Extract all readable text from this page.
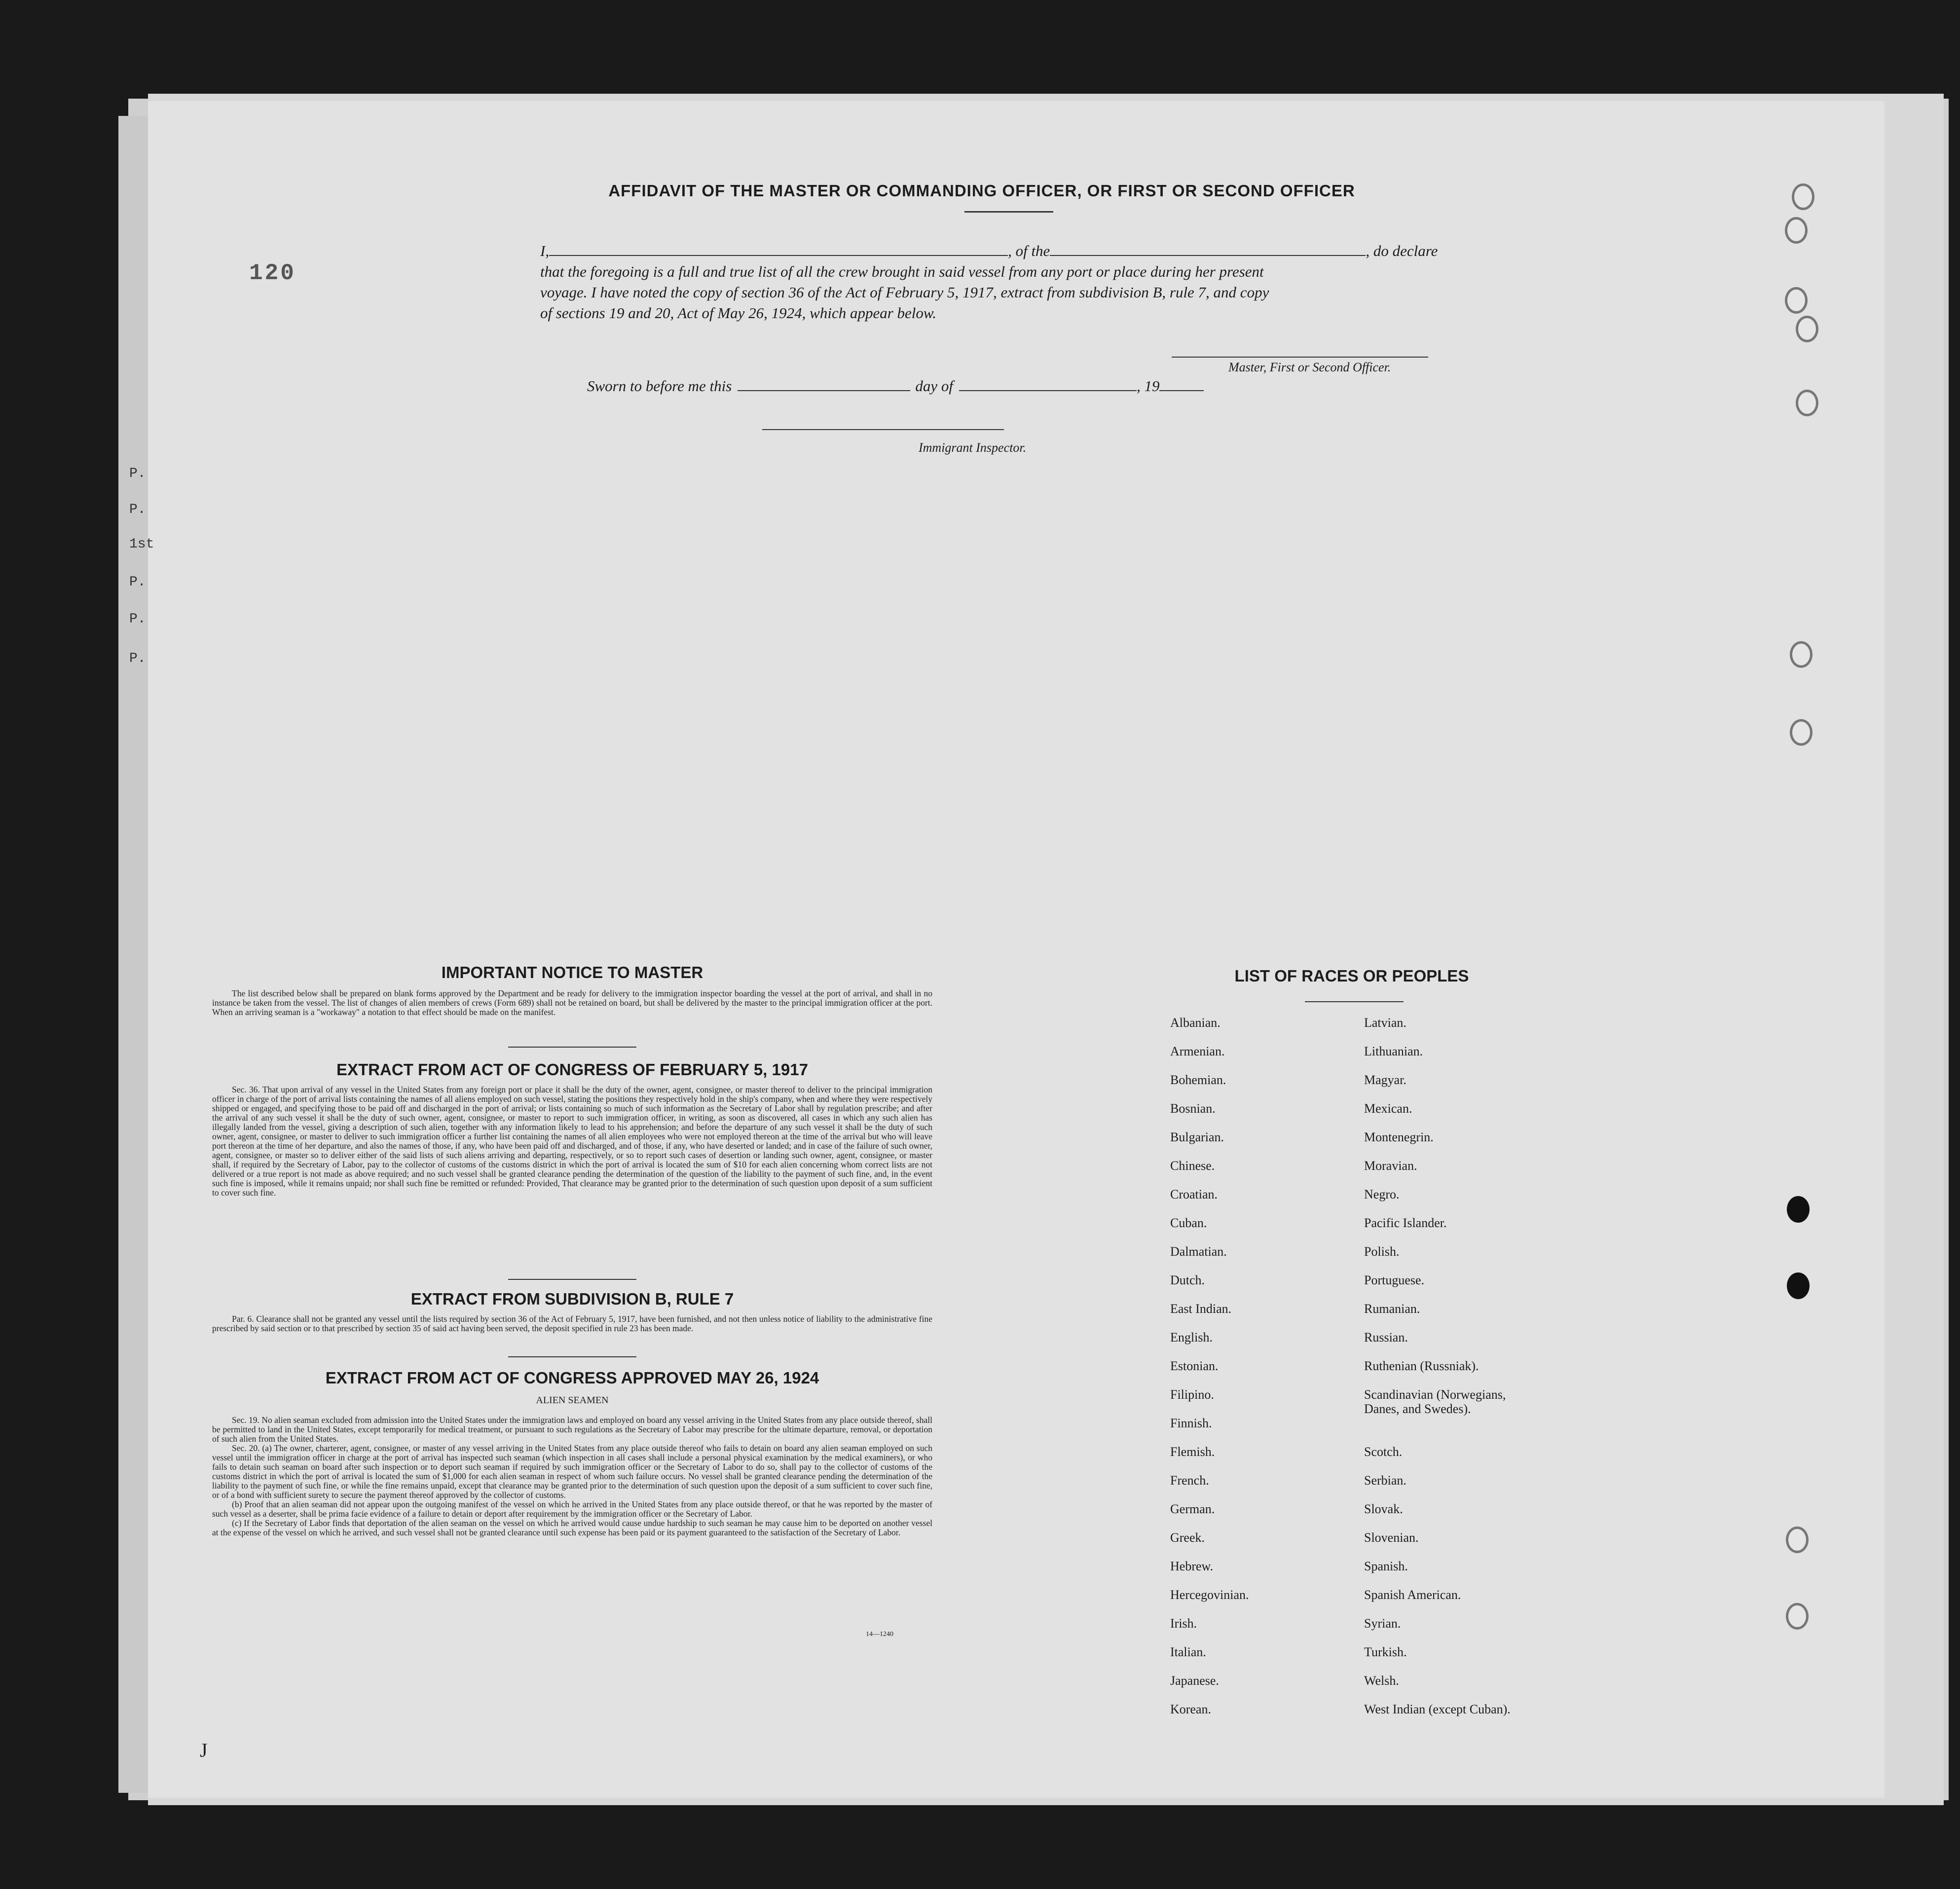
P.
P.
1st
P.
P.
P.
120
AFFIDAVIT OF THE MASTER OR COMMANDING OFFICER, OR FIRST OR SECOND OFFICER
I,	, of the	, do declare
that the foregoing is a full and true list of all the crew brought in said vessel from any port or place during her present
voyage. I have noted the copy of section 36 of the Act of February 5, 1917, extract from subdivision B, rule 7, and copy
of sections 19 and 20, Act of May 26, 1924, which appear below.
Master, First or Second Officer.
Sworn to before me this	day of	, 19
Immigrant Inspector.
IMPORTANT NOTICE TO MASTER

The list described below shall be prepared on blank forms approved by the Department and be ready for delivery to the immigration inspector boarding the vessel at the port of arrival, and shall in no instance be taken from the vessel. The list of changes of alien members of crews (Form 689) shall not be retained on board, but shall be delivered by the master to the principal immigration officer at the port. When an arriving seaman is a "workaway" a notation to that effect should be made on the manifest.

EXTRACT FROM ACT OF CONGRESS OF FEBRUARY 5, 1917

Sec. 36. That upon arrival of any vessel in the United States from any foreign port or place it shall be the duty of the owner, agent, consignee, or master thereof to deliver to the principal immigration officer in charge of the port of arrival lists containing the names of all aliens employed on such vessel, stating the positions they respectively hold in the ship's company, when and where they were respectively shipped or engaged, and specifying those to be paid off and discharged in the port of arrival; or lists containing so much of such information as the Secretary of Labor shall by regulation prescribe; and after the arrival of any such vessel it shall be the duty of such owner, agent, consignee, or master to report to such immigration officer, in writing, as soon as discovered, all cases in which any such alien has illegally landed from the vessel, giving a description of such alien, together with any information likely to lead to his apprehension; and before the departure of any such vessel it shall be the duty of such owner, agent, consignee, or master to deliver to such immigration officer a further list containing the names of all alien employees who were not employed thereon at the time of the arrival but who will leave port thereon at the time of her departure, and also the names of those, if any, who have been paid off and discharged, and of those, if any, who have deserted or landed; and in case of the failure of such owner, agent, consignee, or master so to deliver either of the said lists of such aliens arriving and departing, respectively, or so to report such cases of desertion or landing such owner, agent, consignee, or master shall, if required by the Secretary of Labor, pay to the collector of customs of the customs district in which the port of arrival is located the sum of $10 for each alien concerning whom correct lists are not delivered or a true report is not made as above required; and no such vessel shall be granted clearance pending the determination of the question of the liability to the payment of such fine, and, in the event such fine is imposed, while it remains unpaid; nor shall such fine be remitted or refunded: Provided, That clearance may be granted prior to the determination of such question upon deposit of a sum sufficient to cover such fine.

EXTRACT FROM SUBDIVISION B, RULE 7

Par. 6. Clearance shall not be granted any vessel until the lists required by section 36 of the Act of February 5, 1917, have been furnished, and not then unless notice of liability to the administrative fine prescribed by said section or to that prescribed by section 35 of said act having been served, the deposit specified in rule 23 has been made.

EXTRACT FROM ACT OF CONGRESS APPROVED MAY 26, 1924
ALIEN SEAMEN

Sec. 19. No alien seaman excluded from admission into the United States under the immigration laws and employed on board any vessel arriving in the United States from any place outside thereof, shall be permitted to land in the United States, except temporarily for medical treatment, or pursuant to such regulations as the Secretary of Labor may prescribe for the ultimate departure, removal, or deportation of such alien from the United States.

Sec. 20. (a) The owner, charterer, agent, consignee, or master of any vessel arriving in the United States from any place outside thereof who fails to detain on board any alien seaman employed on such vessel until the immigration officer in charge at the port of arrival has inspected such seaman (which inspection in all cases shall include a personal physical examination by the medical examiners), or who fails to detain such seaman on board after such inspection or to deport such seaman if required by such immigration officer or the Secretary of Labor to do so, shall pay to the collector of customs of the customs district in which the port of arrival is located the sum of $1,000 for each alien seaman in respect of whom such failure occurs. No vessel shall be granted clearance pending the determination of the liability to the payment of such fine, or while the fine remains unpaid, except that clearance may be granted prior to the determination of such question upon the deposit of a sum sufficient to cover such fine, or of a bond with sufficient surety to secure the payment thereof approved by the collector of customs.

(b) Proof that an alien seaman did not appear upon the outgoing manifest of the vessel on which he arrived in the United States from any place outside thereof, or that he was reported by the master of such vessel as a deserter, shall be prima facie evidence of a failure to detain or deport after requirement by the immigration officer or the Secretary of Labor.

(c) If the Secretary of Labor finds that deportation of the alien seaman on the vessel on which he arrived would cause undue hardship to such seaman he may cause him to be deported on another vessel at the expense of the vessel on which he arrived, and such vessel shall not be granted clearance until such expense has been paid or its payment guaranteed to the satisfaction of the Secretary of Labor.

14—1240
LIST OF RACES OR PEOPLES
Albanian.
Armenian.
Bohemian.
Bosnian.
Bulgarian.
Chinese.
Croatian.
Cuban.
Dalmatian.
Dutch.
East Indian.
English.
Estonian.
Filipino.
Finnish.
Flemish.
French.
German.
Greek.
Hebrew.
Hercegovinian.
Irish.
Italian.
Japanese.
Korean.
Latvian.
Lithuanian.
Magyar.
Mexican.
Montenegrin.
Moravian.
Negro.
Pacific Islander.
Polish.
Portuguese.
Rumanian.
Russian.
Ruthenian (Russniak).
Scandinavian (Norwegians, Danes, and Swedes).
Scotch.
Serbian.
Slovak.
Slovenian.
Spanish.
Spanish American.
Syrian.
Turkish.
Welsh.
West Indian (except Cuban).
J
